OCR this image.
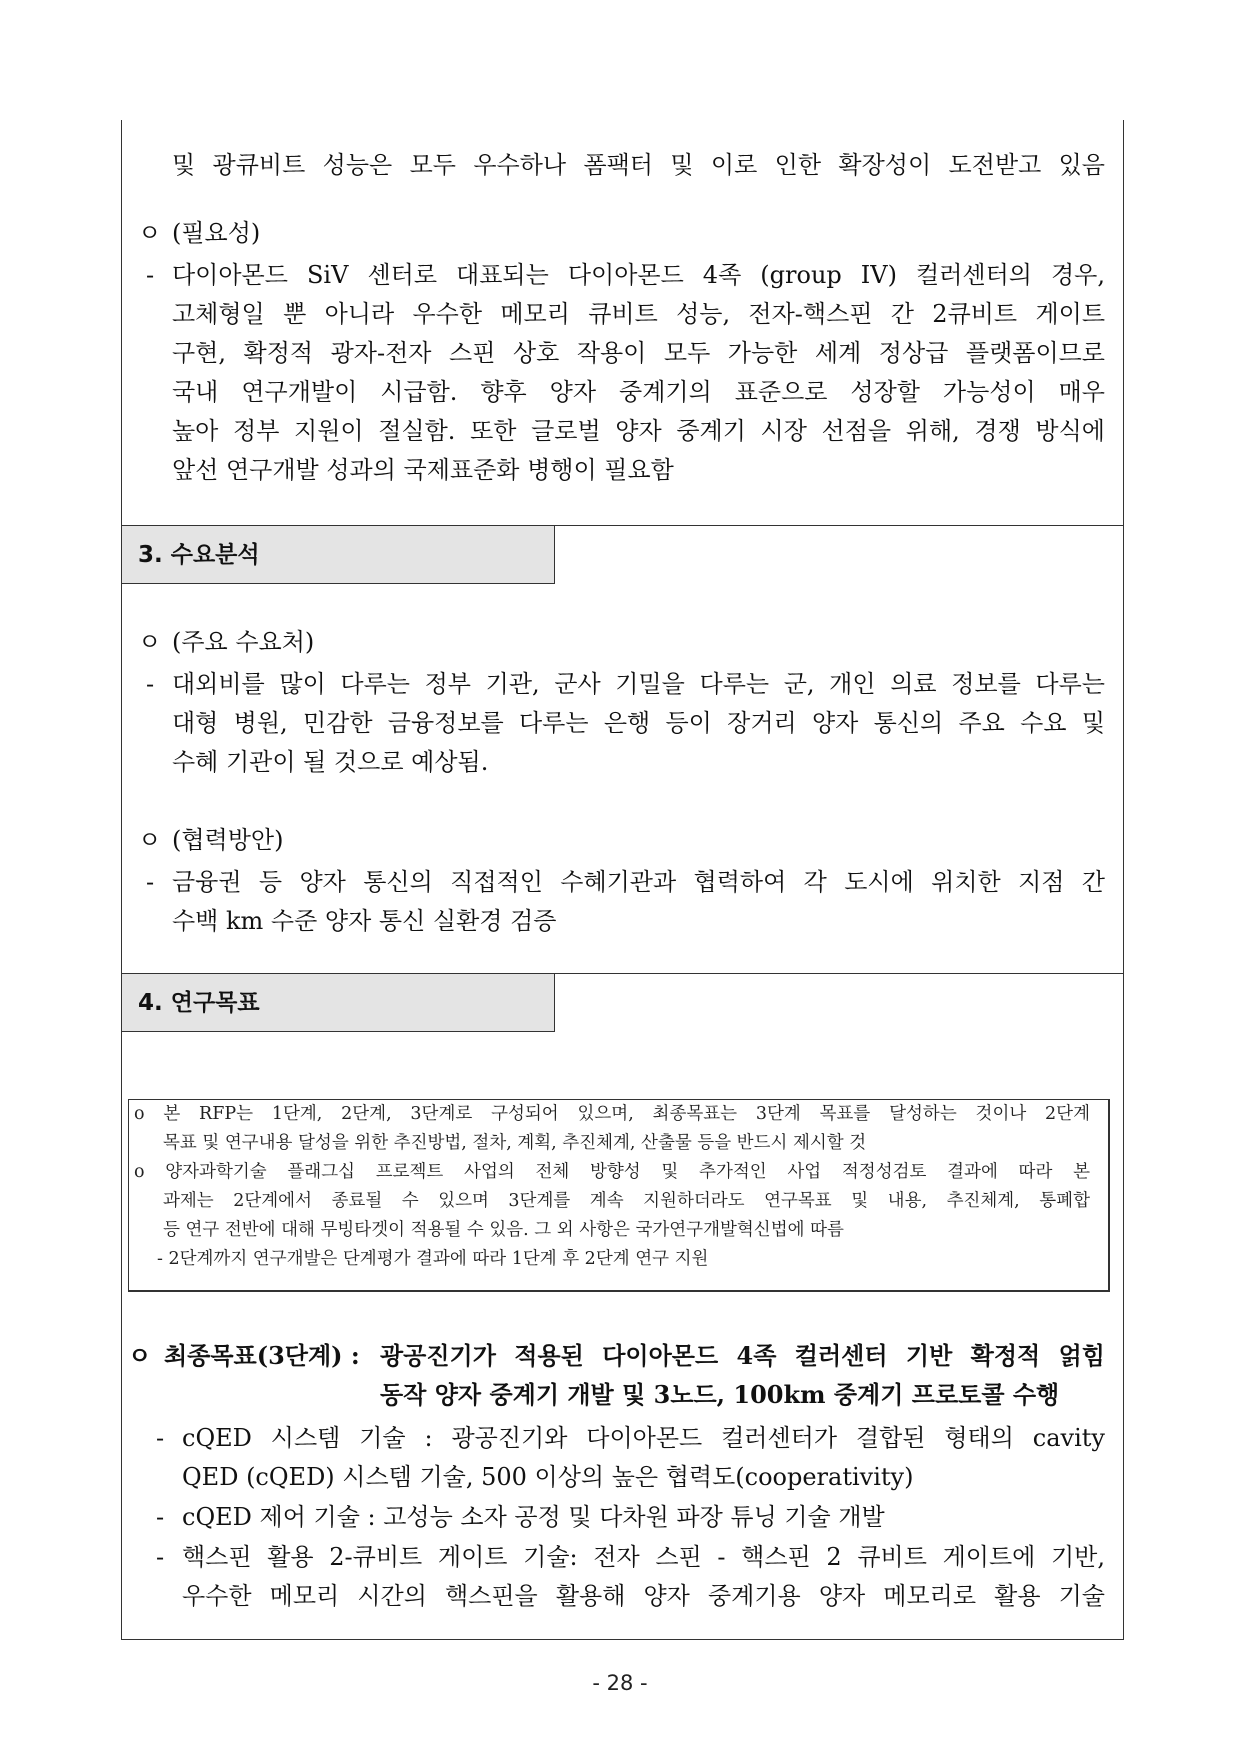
및 광큐비트 성능은 모두 우수하나 폼팩터 및 이로 인한 확장성이 도전받고 있음
ㅇ (필요성)
- 다이아몬드 SiV 센터로 대표되는 다이아몬드 4족 (group IV) 컬러센터의 경우,
고체형일 뿐 아니라 우수한 메모리 큐비트 성능, 전자-핵스핀 간 2큐비트 게이트
구현, 확정적 광자-전자 스핀 상호 작용이 모두 가능한 세계 정상급 플랫폼이므로
국내 연구개발이 시급함. 향후 양자 중계기의 표준으로 성장할 가능성이 매우
높아 정부 지원이 절실함. 또한 글로벌 양자 중계기 시장 선점을 위해, 경쟁 방식에
앞선 연구개발 성과의 국제표준화 병행이 필요함
3. 수요분석
ㅇ (주요 수요처)
- 대외비를 많이 다루는 정부 기관, 군사 기밀을 다루는 군, 개인 의료 정보를 다루는
대형 병원, 민감한 금융정보를 다루는 은행 등이 장거리 양자 통신의 주요 수요 및
수혜 기관이 될 것으로 예상됨.
ㅇ (협력방안)
- 금융권 등 양자 통신의 직접적인 수혜기관과 협력하여 각 도시에 위치한 지점 간
수백 km 수준 양자 통신 실환경 검증
4. 연구목표
o 본 RFP는 1단계, 2단계, 3단계로 구성되어 있으며, 최종목표는 3단계 목표를 달성하는 것이나 2단계
목표 및 연구내용 달성을 위한 추진방법, 절차, 계획, 추진체계, 산출물 등을 반드시 제시할 것
o 양자과학기술 플래그십 프로젝트 사업의 전체 방향성 및 추가적인 사업 적정성검토 결과에 따라 본
과제는 2단계에서 종료될 수 있으며 3단계를 계속 지원하더라도 연구목표 및 내용, 추진체계, 통폐합
등 연구 전반에 대해 무빙타겟이 적용될 수 있음. 그 외 사항은 국가연구개발혁신법에 따름
- 2단계까지 연구개발은 단계평가 결과에 따라 1단계 후 2단계 연구 지원
ㅇ 최종목표(3단계) : 광공진기가 적용된 다이아몬드 4족 컬러센터 기반 확정적 얽힘
동작 양자 중계기 개발 및 3노드, 100km 중계기 프로토콜 수행
- cQED 시스템 기술 : 광공진기와 다이아몬드 컬러센터가 결합된 형태의 cavity
QED (cQED) 시스템 기술, 500 이상의 높은 협력도(cooperativity)
- cQED 제어 기술 : 고성능 소자 공정 및 다차원 파장 튜닝 기술 개발
- 핵스핀 활용 2-큐비트 게이트 기술: 전자 스핀 - 핵스핀 2 큐비트 게이트에 기반,
우수한 메모리 시간의 핵스핀을 활용해 양자 중계기용 양자 메모리로 활용 기술
- 28 -
